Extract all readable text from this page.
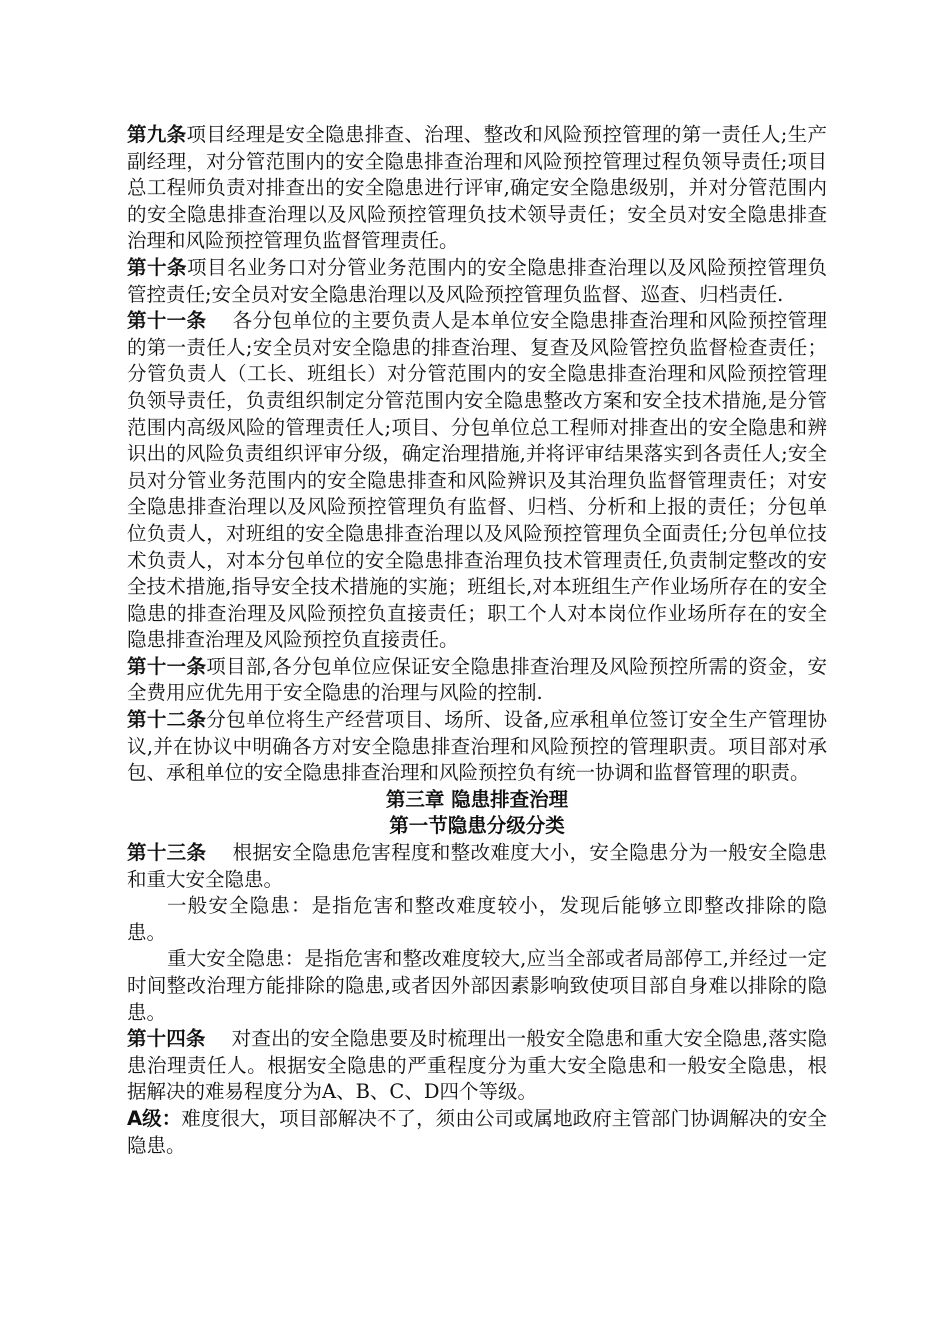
第九条项目经理是安全隐患排查、治理、整改和风险预控管理的第一责任人;生产副经理，对分管范围内的安全隐患排查治理和风险预控管理过程负领导责任;项目总工程师负责对排查出的安全隐患进行评审,确定安全隐患级别，并对分管范围内的安全隐患排查治理以及风险预控管理负技术领导责任；安全员对安全隐患排查治理和风险预控管理负监督管理责任。

第十条项目名业务口对分管业务范围内的安全隐患排查治理以及风险预控管理负管控责任;安全员对安全隐患治理以及风险预控管理负监督、巡查、归档责任.

第十一条 各分包单位的主要负责人是本单位安全隐患排查治理和风险预控管理的第一责任人;安全员对安全隐患的排查治理、复查及风险管控负监督检查责任；分管负责人（工长、班组长）对分管范围内的安全隐患排查治理和风险预控管理负领导责任，负责组织制定分管范围内安全隐患整改方案和安全技术措施,是分管范围内高级风险的管理责任人;项目、分包单位总工程师对排查出的安全隐患和辨识出的风险负责组织评审分级，确定治理措施,并将评审结果落实到各责任人;安全员对分管业务范围内的安全隐患排查和风险辨识及其治理负监督管理责任；对安全隐患排查治理以及风险预控管理负有监督、归档、分析和上报的责任；分包单位负责人，对班组的安全隐患排查治理以及风险预控管理负全面责任;分包单位技术负责人，对本分包单位的安全隐患排查治理负技术管理责任,负责制定整改的安全技术措施,指导安全技术措施的实施；班组长,对本班组生产作业场所存在的安全隐患的排查治理及风险预控负直接责任；职工个人对本岗位作业场所存在的安全隐患排查治理及风险预控负直接责任。

第十一条项目部,各分包单位应保证安全隐患排查治理及风险预控所需的资金，安全费用应优先用于安全隐患的治理与风险的控制.

第十二条分包单位将生产经营项目、场所、设备,应承租单位签订安全生产管理协议,并在协议中明确各方对安全隐患排查治理和风险预控的管理职责。项目部对承包、承租单位的安全隐患排查治理和风险预控负有统一协调和监督管理的职责。

第三章 隐患排查治理

第一节隐患分级分类

第十三条 根据安全隐患危害程度和整改难度大小，安全隐患分为一般安全隐患和重大安全隐患。

一般安全隐患：是指危害和整改难度较小，发现后能够立即整改排除的隐患。

重大安全隐患：是指危害和整改难度较大,应当全部或者局部停工,并经过一定时间整改治理方能排除的隐患,或者因外部因素影响致使项目部自身难以排除的隐患。

第十四条 对查出的安全隐患要及时梳理出一般安全隐患和重大安全隐患,落实隐患治理责任人。根据安全隐患的严重程度分为重大安全隐患和一般安全隐患，根据解决的难易程度分为A、B、C、D四个等级。

A级：难度很大，项目部解决不了，须由公司或属地政府主管部门协调解决的安全隐患。
